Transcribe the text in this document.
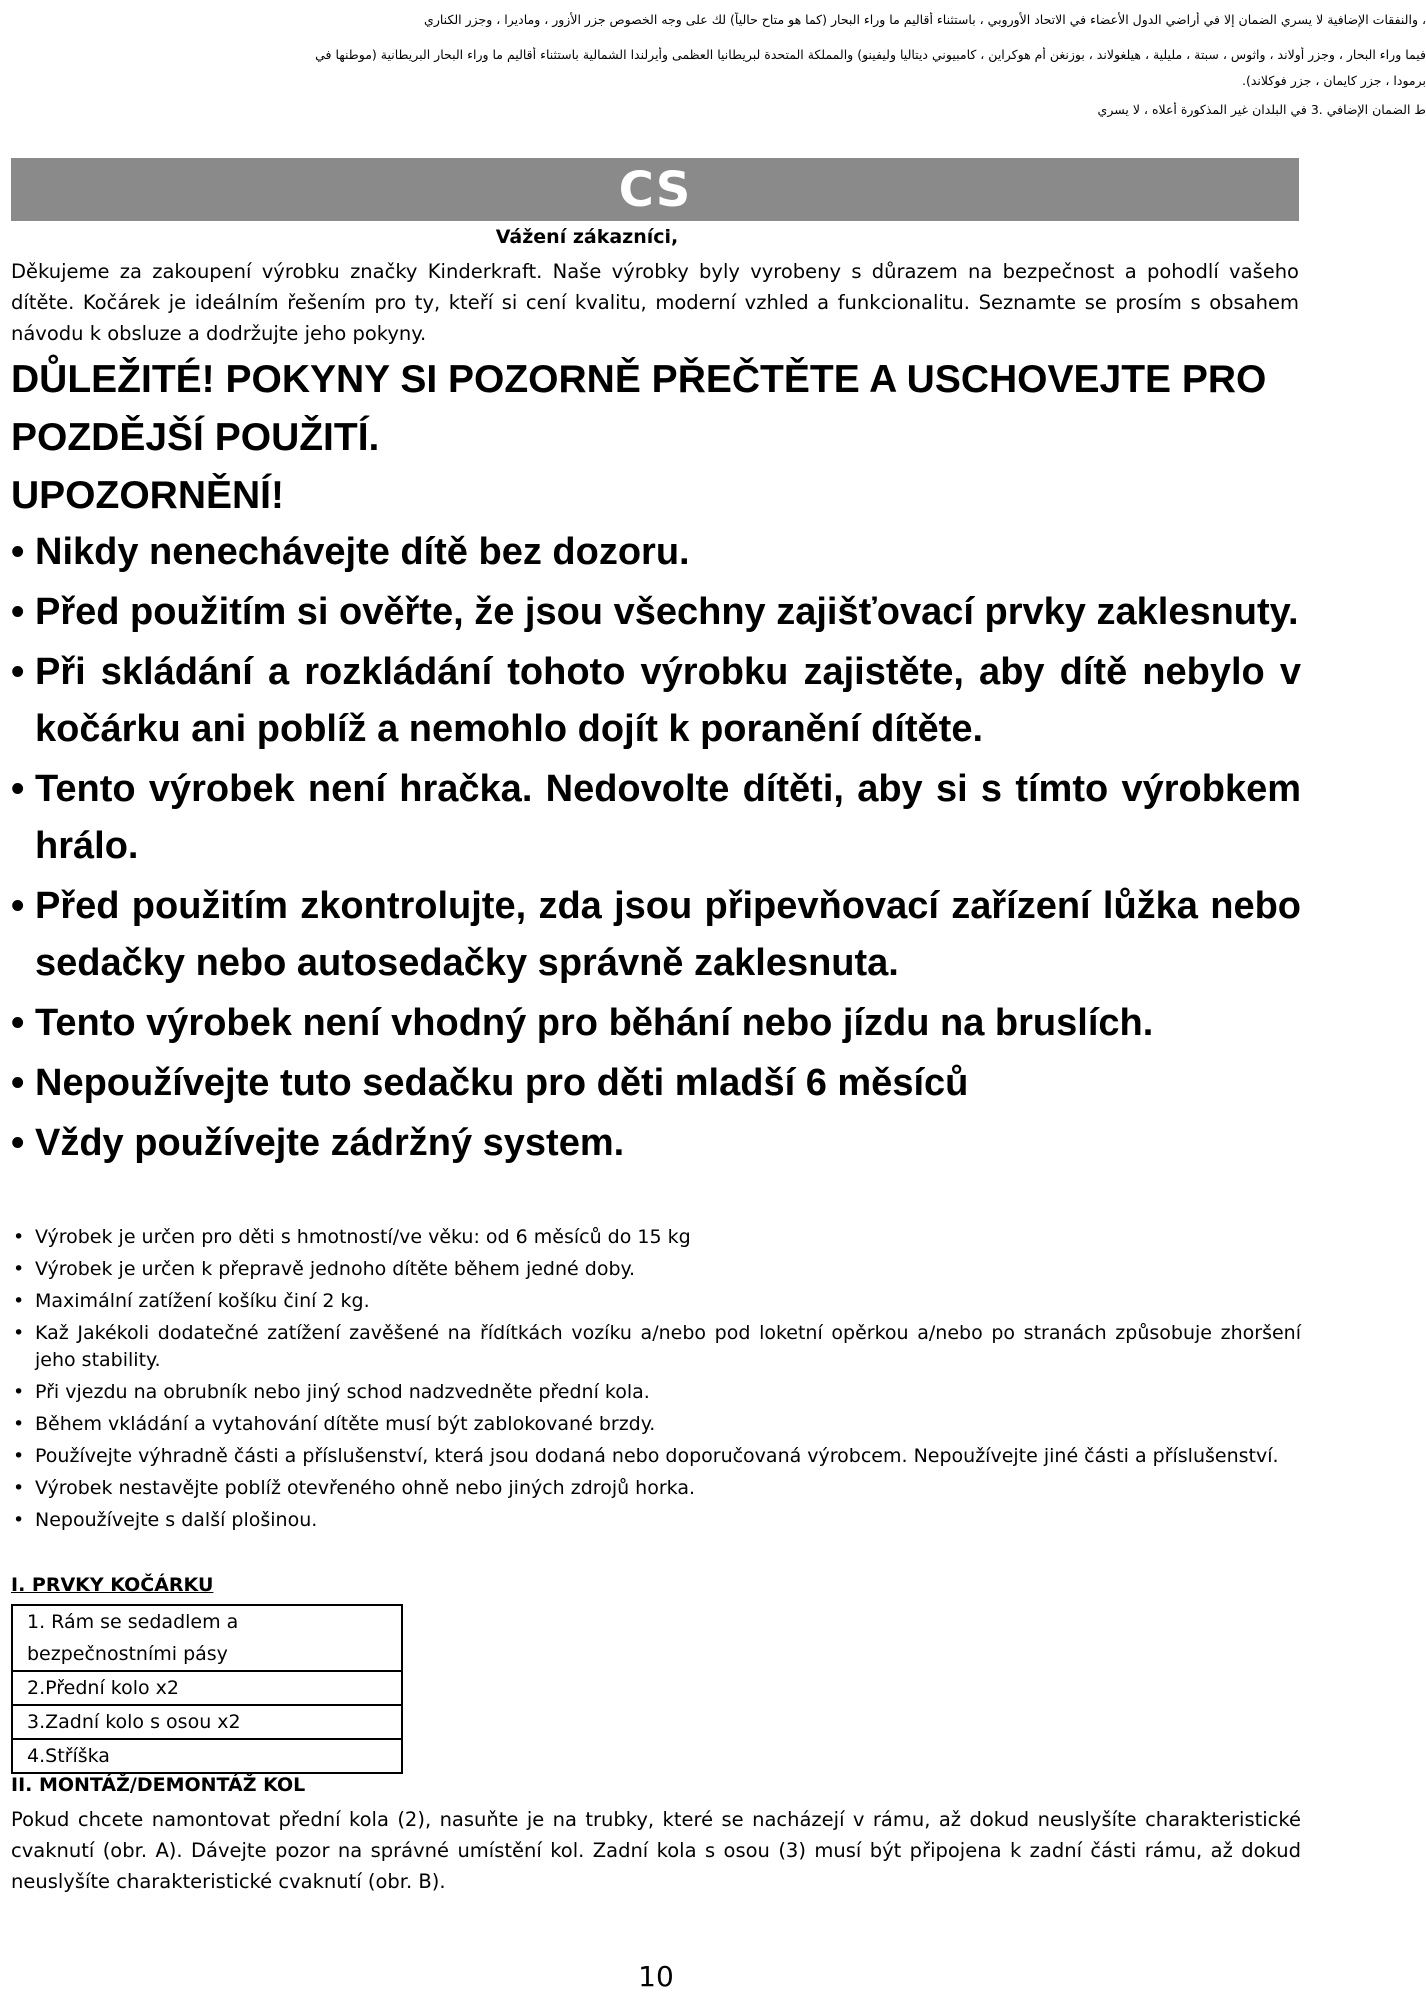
، والنفقات الإضافية لا يسري الضمان إلا في أراضي الدول الأعضاء في الاتحاد الأوروبي ، باستثناء أقاليم ما وراء البحار (كما هو متاح حالياً) لك على وجه الخصوص جزر الأزور ، وماديرا ، وجزر الكناري
فيما وراء البحار ، وجزر أولاند ، واثوس ، سبتة ، مليلية ، هيلغولاند ، بوزنغن أم هوكراين ، كامبيوني ديتاليا وليفينو) والمملكة المتحدة لبريطانيا العظمى وأيرلندا الشمالية باستثناء أقاليم ما وراء البحار البريطانية (موطنها في
برمودا ، جزر كايمان ، جزر فوكلاند).
ط الضمان الإضافي .3 في البلدان غير المذكورة أعلاه ، لا يسري
CS
Vážení zákazníci,
Děkujeme za zakoupení výrobku značky Kinderkraft. Naše výrobky byly vyrobeny s důrazem na bezpečnost a pohodlí vašeho dítěte. Kočárek je ideálním řešením pro ty, kteří si cení kvalitu, moderní vzhled a funkcionalitu. Seznamte se prosím s obsahem návodu k obsluze a dodržujte jeho pokyny.
DŮLEŽITÉ! POKYNY SI POZORNĚ PŘEČTĚTE A USCHOVEJTE PRO POZDĚJŠÍ POUŽITÍ.
UPOZORNĚNÍ!
• Nikdy nenechávejte dítě bez dozoru.
• Před použitím si ověřte, že jsou všechny zajišťovací prvky zaklesnuty.
• Při skládání a rozkládání tohoto výrobku zajistěte, aby dítě nebylo v kočárku ani poblíž a nemohlo dojít k poranění dítěte.
• Tento výrobek není hračka. Nedovolte dítěti, aby si s tímto výrobkem hrálo.
• Před použitím zkontrolujte, zda jsou připevňovací zařízení lůžka nebo sedačky nebo autosedačky správně zaklesnuta.
• Tento výrobek není vhodný pro běhání nebo jízdu na bruslích.
• Nepoužívejte tuto sedačku pro děti mladší 6 měsíců
• Vždy používejte zádržný system.
• Výrobek je určen pro děti s hmotností/ve věku: od 6 měsíců do 15 kg
• Výrobek je určen k přepravě jednoho dítěte během jedné doby.
• Maximální zatížení košíku činí 2 kg.
• Kaž Jakékoli dodatečné zatížení zavěšené na řídítkách vozíku a/nebo pod loketní opěrkou a/nebo po stranách způsobuje zhoršení jeho stability.
• Při vjezdu na obrubník nebo jiný schod nadzvedněte přední kola.
• Během vkládání a vytahování dítěte musí být zablokované brzdy.
• Používejte výhradně části a příslušenství, která jsou dodaná nebo doporučovaná výrobcem. Nepoužívejte jiné části a příslušenství.
• Výrobek nestavějte poblíž otevřeného ohně nebo jiných zdrojů horka.
• Nepoužívejte s další plošinou.
I. PRVKY KOČÁRKU
1. Rám se sedadlem a bezpečnostními pásy
2.Přední kolo x2
3.Zadní kolo s osou x2
4.Stříška
II. MONTÁŽ/DEMONTÁŽ KOL
Pokud chcete namontovat přední kola (2), nasuňte je na trubky, které se nacházejí v rámu, až dokud neuslyšíte charakteristické cvaknutí (obr. A). Dávejte pozor na správné umístění kol. Zadní kola s osou (3) musí být připojena k zadní části rámu, až dokud neuslyšíte charakteristické cvaknutí (obr. B).
10
